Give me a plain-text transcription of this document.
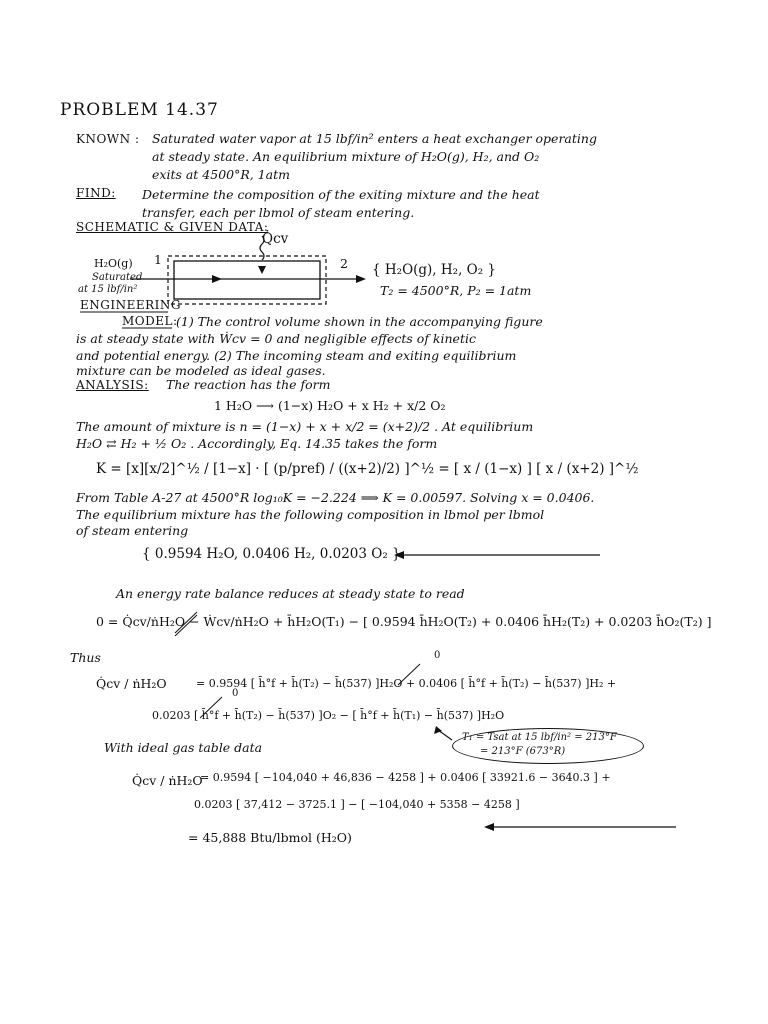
PROBLEM 14.37
KNOWN : Saturated water vapor at 15 lbf/in² enters a heat exchanger operating
at steady state. An equilibrium mixture of H₂O(g), H₂, and O₂
exits at 4500°R, 1atm
FIND: Determine the composition of the exiting mixture and the heat
transfer, each per lbmol of steam entering.
SCHEMATIC & GIVEN DATA:
Q̇cv
H₂O(g)
Saturated
at 15 lbf/in²
1	2 { H₂O(g), H₂, O₂ }
T₂ = 4500°R, P₂ = 1atm
ENGINEERING
MODEL:
(1) The control volume shown in the accompanying figure
is at steady state with Ẇcv = 0 and negligible effects of kinetic
and potential energy. (2) The incoming steam and exiting equilibrium
mixture can be modeled as ideal gases.
ANALYSIS: The reaction has the form
1 H₂O ⟶ (1−x) H₂O + x H₂ + x/2 O₂
The amount of mixture is n = (1−x) + x + x/2 = (x+2)/2 . At equilibrium
H₂O ⇄ H₂ + ½ O₂ . Accordingly, Eq. 14.35 takes the form
K = [x][x/2]^½ / [1−x] · [ (p/pref) / ((x+2)/2) ]^½ = [ x / (1−x) ] [ x / (x+2) ]^½
From Table A-27 at 4500°R log₁₀K = −2.224 ⟹ K = 0.00597. Solving x = 0.0406.
The equilibrium mixture has the following composition in lbmol per lbmol
of steam entering
{ 0.9594 H₂O, 0.0406 H₂, 0.0203 O₂ }
An energy rate balance reduces at steady state to read
0 = Q̇cv/ṅH₂O − Ẇcv/ṅH₂O + h̄H₂O(T₁) − [ 0.9594 h̄H₂O(T₂) + 0.0406 h̄H₂(T₂) + 0.0203 h̄O₂(T₂) ]
Thus
Q̇cv / ṅH₂O	= 0.9594 [ h̄°f + h̄(T₂) − h̄(537) ]H₂O + 0.0406 [ h̄°f + h̄(T₂) − h̄(537) ]H₂ +
0.0203 [ h̄°f + h̄(T₂) − h̄(537) ]O₂ − [ h̄°f + h̄(T₁) − h̄(537) ]H₂O
0
0
T₁ = Tsat at 15 lbf/in² = 213°F
= 213°F (673°R)
With ideal gas table data
Q̇cv / ṅH₂O
= 0.9594 [ −104,040 + 46,836 − 4258 ] + 0.0406 [ 33921.6 − 3640.3 ] +
0.0203 [ 37,412 − 3725.1 ] − [ −104,040 + 5358 − 4258 ]
= 45,888 Btu/lbmol (H₂O)
